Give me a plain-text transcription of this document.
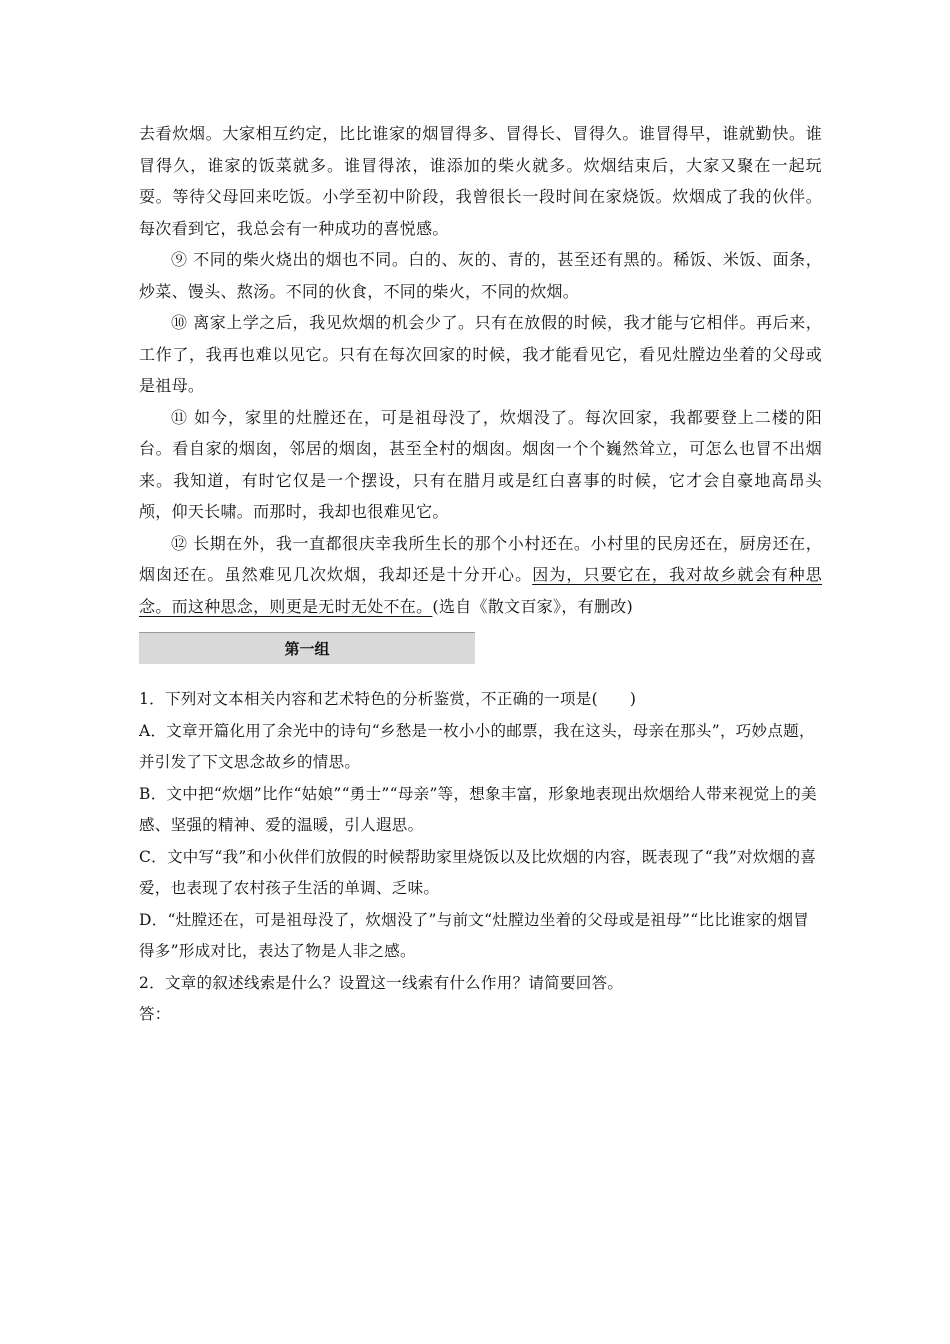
去看炊烟。大家相互约定，比比谁家的烟冒得多、冒得长、冒得久。谁冒得早，谁就勤快。谁冒得久，谁家的饭菜就多。谁冒得浓，谁添加的柴火就多。炊烟结束后，大家又聚在一起玩耍。等待父母回来吃饭。小学至初中阶段，我曾很长一段时间在家烧饭。炊烟成了我的伙伴。每次看到它，我总会有一种成功的喜悦感。

⑨ 不同的柴火烧出的烟也不同。白的、灰的、青的，甚至还有黑的。稀饭、米饭、面条，炒菜、馒头、熬汤。不同的伙食，不同的柴火，不同的炊烟。

⑩ 离家上学之后，我见炊烟的机会少了。只有在放假的时候，我才能与它相伴。再后来，工作了，我再也难以见它。只有在每次回家的时候，我才能看见它，看见灶膛边坐着的父母或是祖母。

⑪ 如今，家里的灶膛还在，可是祖母没了，炊烟没了。每次回家，我都要登上二楼的阳台。看自家的烟囱，邻居的烟囱，甚至全村的烟囱。烟囱一个个巍然耸立，可怎么也冒不出烟来。我知道，有时它仅是一个摆设，只有在腊月或是红白喜事的时候，它才会自豪地高昂头颅，仰天长啸。而那时，我却也很难见它。

⑫ 长期在外，我一直都很庆幸我所生长的那个小村还在。小村里的民房还在，厨房还在，烟囱还在。虽然难见几次炊烟，我却还是十分开心。因为，只要它在，我对故乡就会有种思念。而这种思念，则更是无时无处不在。(选自《散文百家》，有删改)

第一组

1．下列对文本相关内容和艺术特色的分析鉴赏，不正确的一项是( )

A．文章开篇化用了余光中的诗句“乡愁是一枚小小的邮票，我在这头，母亲在那头”，巧妙点题，并引发了下文思念故乡的情思。

B．文中把“炊烟”比作“姑娘”“勇士”“母亲”等，想象丰富，形象地表现出炊烟给人带来视觉上的美感、坚强的精神、爱的温暖，引人遐思。

C．文中写“我”和小伙伴们放假的时候帮助家里烧饭以及比炊烟的内容，既表现了“我”对炊烟的喜爱，也表现了农村孩子生活的单调、乏味。

D．“灶膛还在，可是祖母没了，炊烟没了”与前文“灶膛边坐着的父母或是祖母”“比比谁家的烟冒得多”形成对比，表达了物是人非之感。

2．文章的叙述线索是什么？设置这一线索有什么作用？请简要回答。

答：
